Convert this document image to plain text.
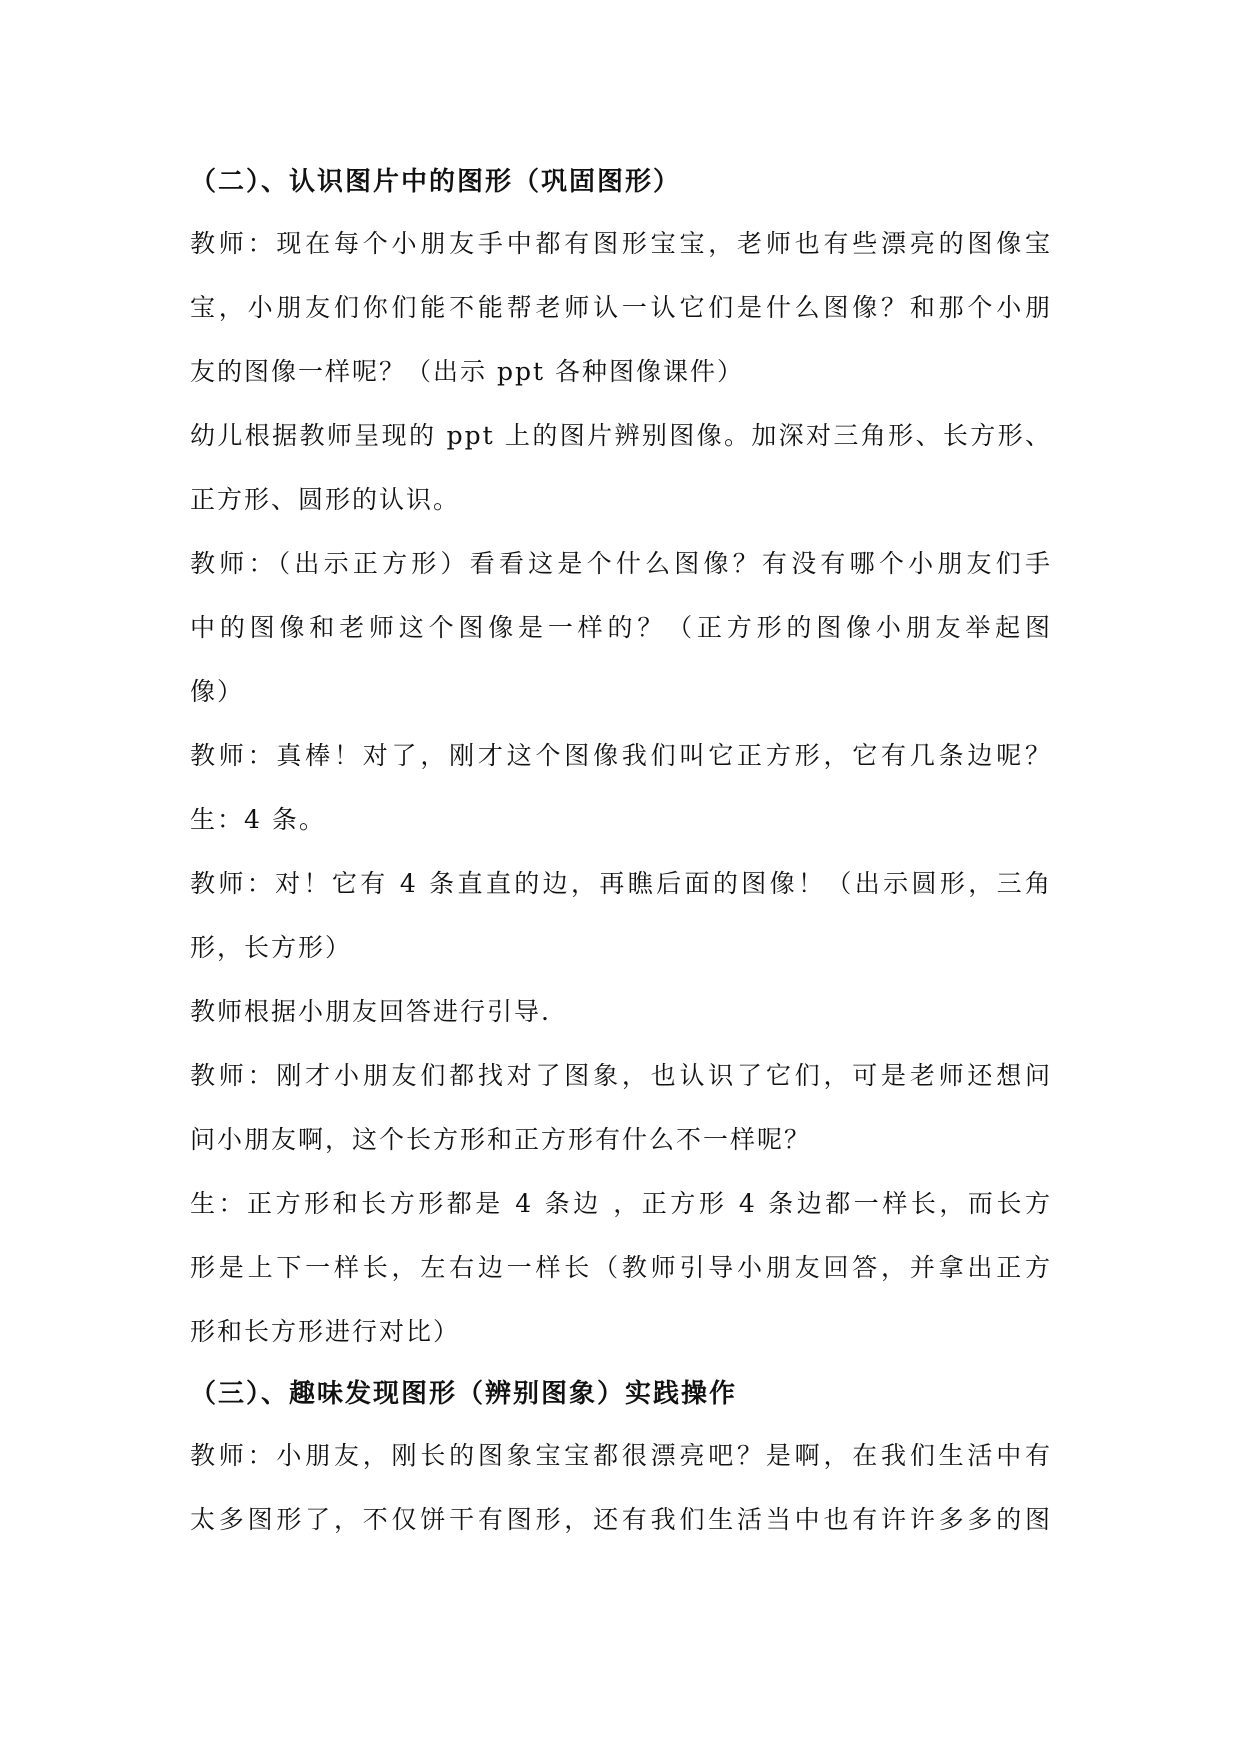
（二）、认识图片中的图形（巩固图形）
教师：现在每个小朋友手中都有图形宝宝，老师也有些漂亮的图像宝
宝，小朋友们你们能不能帮老师认一认它们是什么图像？和那个小朋
友的图像一样呢？（出示 ppt 各种图像课件）
幼儿根据教师呈现的 ppt 上的图片辨别图像。加深对三角形、长方形、
正方形、圆形的认识。
教师：（出示正方形）看看这是个什么图像？有没有哪个小朋友们手
中的图像和老师这个图像是一样的？（正方形的图像小朋友举起图
像）
教师：真棒！对了，刚才这个图像我们叫它正方形，它有几条边呢？
生：4 条。
教师：对！它有 4 条直直的边，再瞧后面的图像！（出示圆形，三角
形，长方形）
教师根据小朋友回答进行引导.
教师：刚才小朋友们都找对了图象，也认识了它们，可是老师还想问
问小朋友啊，这个长方形和正方形有什么不一样呢？
生：正方形和长方形都是 4 条边 ，正方形 4 条边都一样长，而长方
形是上下一样长，左右边一样长（教师引导小朋友回答，并拿出正方
形和长方形进行对比）
（三）、趣味发现图形（辨别图象）实践操作
教师：小朋友，刚长的图象宝宝都很漂亮吧？是啊，在我们生活中有
太多图形了，不仅饼干有图形，还有我们生活当中也有许许多多的图
